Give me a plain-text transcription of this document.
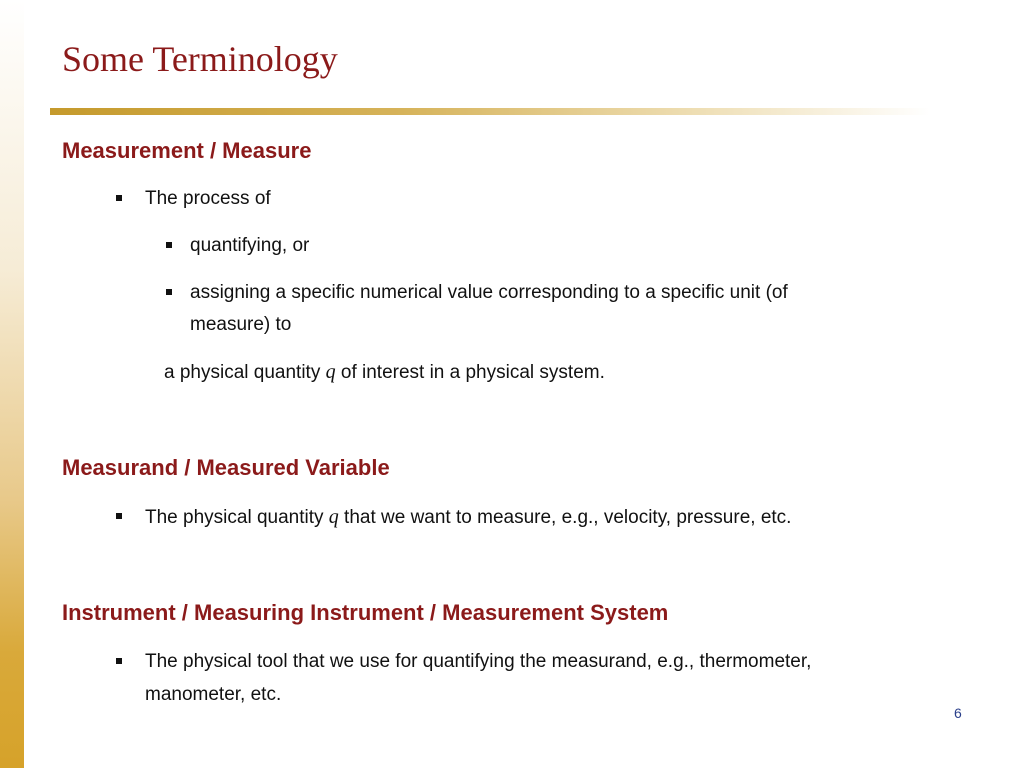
Some Terminology
Measurement / Measure
The process of
quantifying, or
assigning a specific numerical value corresponding to a specific unit (of
measure) to
a physical quantity q of interest in a physical system.
Measurand / Measured Variable
The physical quantity q that we want to measure, e.g., velocity, pressure, etc.
Instrument / Measuring Instrument / Measurement System
The physical tool that we use for quantifying the measurand, e.g., thermometer,
manometer, etc.
6
